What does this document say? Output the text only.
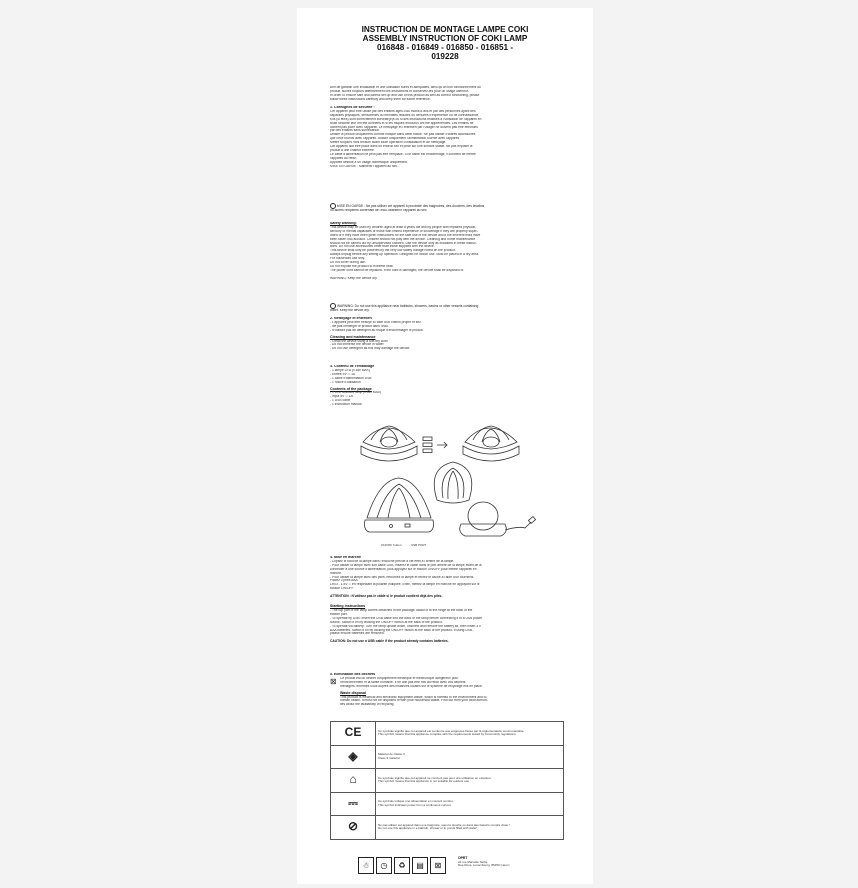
INSTRUCTION DE MONTAGE LAMPE COKI
ASSEMBLY INSTRUCTION OF COKI LAMP
016848 - 016849 - 016850 - 016851 -
019228
Afin de garantir une installation et une utilisation sûres et adéquates, ainsi qu'un bon fonctionnement du
produit, suivez toujours attentivement ces instructions et conservez-les pour un usage ultérieur.
In order to ensure safe and careful set up and use of this product as well as correct functioning, please
follow these instructions carefully and keep them for future reference.
1. Consignes de sécurité :
Cet appareil peut être utilisé par des enfants âgés d'au moins 8 ans et par des personnes ayant des
capacités physiques, sensorielles ou mentales réduites ou dénuées d'expérience ou de connaissance,
s'ils (si elles) sont correctement surveillé(e)s ou si des instructions relatives à l'utilisation de l'appareil en
toute sécurité leur ont été données et si les risques encourus ont été appréhendés. Les enfants ne
doivent pas jouer avec l'appareil. Le nettoyage et l'entretien par l'usager ne doivent pas être effectués
par des enfants sans surveillance.
Utiliser le produit uniquement comme indiqué dans cette notice. Ne pas utiliser d'autres accessoires
que ceux fournis avec l'appareil. Utiliser uniquement l'alimentation fournie avec l'appareil.
Mettre toujours hors tension avant toute opération d'installation et de nettoyage.
Cet appareil doit être placé dans un endroit sec et posé sur une surface stable. Ne pas exposer le
produit à une chaleur extrême.
Le câble d'alimentation ne peut pas être remplacé. Si le câble est endommagé, il convient de mettre
l'appareil au rebut.
Appareil destiné à un usage domestique uniquement.
MISE EN GARDE : Maintenir l'appareil au sec.
MISE EN GARDE : Ne pas utiliser cet appareil à proximité des baignoires, des douches, des lavabos
ou autres récipients contenant de l'eau. Maintenir l'appareil au sec.
Safety warning:
This device may be used by children aged at least 8 years old and by people with impaired physical,
sensory or mental capacities or those with limited experience or knowledge if they are properly super-
vised or if they have been given instructions for the safe use of the device and if the inherent risks have
been taken into account. Children should not play with the device. Cleaning and home maintenance
should not be carried out by unsupervised children. Use the device only as indicated in these instruc-
tions. Do not use accessories other than those supplied with the device.
This device shall only be powered by the very low safety voltage noted on the product.
Always unplug before any setting up operation. Designed for indoor use. Must be placed in a dry area.
For household use only.
Do not cover during use.
Do not expose the product to extreme heat.
The power cord cannot be replaced. If the cord is damaged, the device shall be disposed of.

WARNING: Keep the device dry.
WARNING: Do not use this appliance near bathtubs, showers, basins or other vessels containing
water. Keep the device dry.
2. Nettoyage et entretien
- L'appareil peut être nettoyé à l'aide d'un chiffon propre et sec.
- Ne pas immerger le produit dans l'eau.
- N'utilisez pas de détergent au risque d'endommager le produit.
Cleaning and maintenance
- Clean the device using a soft dry cloth
- Do not immerse the device in water
- Do not use detergent as this may damage the device.
3. Contenu de l'emballage
- 1 lampe LED (0.6W MAX)
- Entrée 5V ⎓ 1A
- 1 câble d'alimentation USB
- 1 notice d'utilisation
Contents of the package
- 1 LED assisted lamp (0.6W MAX)
- Input 5V ⎓ 1A
- 1 USB cable
- 1 instruction manual
ON/OFF button	USB PORT
4. Mise en marche
- Clipsez le haut de la lampe dans l'encoche prévue à cet effet à l'arrière de la lampe.
- Pour utiliser la lampe avec son câble USB, insérez le câble dans le port arrière de la lampe avant de le
connecter à une source d'alimentation, puis appuyez sur le bouton ON/OFF pour mettre l'appareil en
marche.
- Pour utiliser la lampe avec des piles, retournez la lampe et retirez le cache à l'aide d'un tournevis.
Placez 3 piles AAA
LR03 - 1.5V ⎓ en respectant la polarité indiquée. Enfin, mettez la lampe en marche en appuyant sur le
bouton ON/OFF.
ATTENTION : N'utilisez pas le câble si le produit contient déjà des piles.
Starting instructions
- The top part of the lamp comes detached in the package. Attach it to the hinge at the back of the
bottom part.
- To operate by USB: Insert the USB cable into the back of the lamp before connecting it to a USB power
source. Switch it on by clicking the ON/OFF button at the back of the product.
- To operate via battery: Turn the lamp upside down, unscrew and remove the battery lid, then insert 3 x
AAA batteries. Switch it on by clicking the ON/OFF button at the back of the product. If using USB,
please ensure batteries are removed.
CAUTION: Do not use a USB cable if the product already contains batteries.
5. Élimination des déchets
⊠ Ce produit est un déchet d'équipement électrique et électronique dangereux pour
l'environnement et la santé humaine. Il ne doit pas être mis au rebut avec vos déchets
ménagers. Informez-vous auprès des instances locales sur le système de recyclage mis en place.
Waste disposal
This product is electrical and electronic equipment waste, which is harmful to the environment and to
human health. It must not be disposed of with your household waste. Find out from your local authori-
ties about the availability of recycling.
CE	Ce symbole signifie que cet appareil est conforme aux exigences fixées par la réglementation communautaire.
This symbol means that this appliance complies with the requirements stated by Community regulations.

◈	Matériel de classe 3
Class 3 material

⌂	Ce symbole signifie que cet appareil ne convient pas pour une utilisation en extérieur.
This symbol means that this appliance is not suitable for outdoor use.

⎓	Ce symbole indique une alimentation en courant continu.
This symbol indicates power from a continuous current.

⊘	Ne pas utiliser cet appareil dans une baignoire, sous la douche ou dans des bassins remplis d'eau !
Do not use this appliance in a bathtub, shower or in ponds filled with water!
☃	◷	♻	▤	⊠
OPRT
24 rue Marcelle Tache
Rue Roos, Luxembourg, 85450 Canon
